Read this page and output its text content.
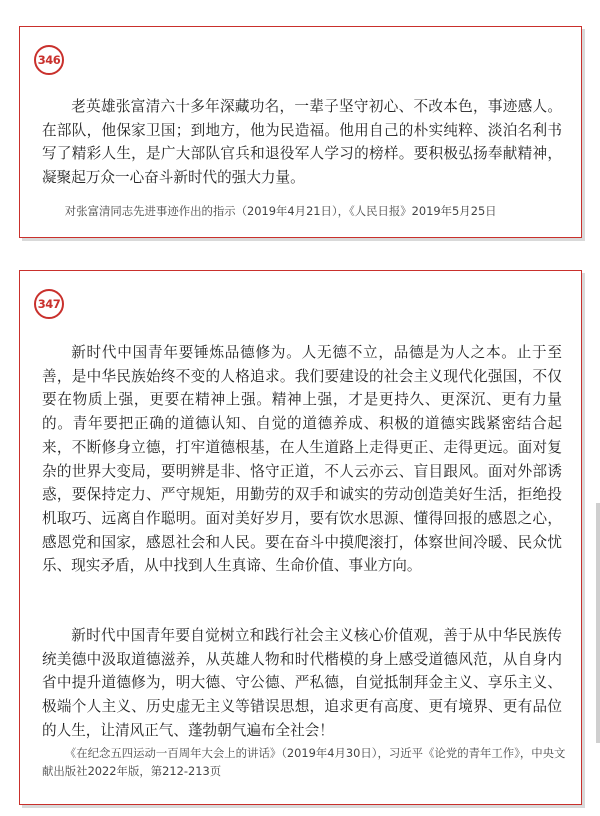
346

老英雄张富清六十多年深藏功名，一辈子坚守初心、不改本色，事迹感人。在部队，他保家卫国；到地方，他为民造福。他用自己的朴实纯粹、淡泊名利书写了精彩人生，是广大部队官兵和退役军人学习的榜样。要积极弘扬奉献精神，凝聚起万众一心奋斗新时代的强大力量。

对张富清同志先进事迹作出的指示（2019年4月21日），《人民日报》2019年5月25日

347

新时代中国青年要锤炼品德修为。人无德不立，品德是为人之本。止于至善，是中华民族始终不变的人格追求。我们要建设的社会主义现代化强国，不仅要在物质上强，更要在精神上强。精神上强，才是更持久、更深沉、更有力量的。青年要把正确的道德认知、自觉的道德养成、积极的道德实践紧密结合起来，不断修身立德，打牢道德根基，在人生道路上走得更正、走得更远。面对复杂的世界大变局，要明辨是非、恪守正道，不人云亦云、盲目跟风。面对外部诱惑，要保持定力、严守规矩，用勤劳的双手和诚实的劳动创造美好生活，拒绝投机取巧、远离自作聪明。面对美好岁月，要有饮水思源、懂得回报的感恩之心，感恩党和国家，感恩社会和人民。要在奋斗中摸爬滚打，体察世间冷暖、民众忧乐、现实矛盾，从中找到人生真谛、生命价值、事业方向。

新时代中国青年要自觉树立和践行社会主义核心价值观，善于从中华民族传统美德中汲取道德滋养，从英雄人物和时代楷模的身上感受道德风范，从自身内省中提升道德修为，明大德、守公德、严私德，自觉抵制拜金主义、享乐主义、极端个人主义、历史虚无主义等错误思想，追求更有高度、更有境界、更有品位的人生，让清风正气、蓬勃朝气遍布全社会！

《在纪念五四运动一百周年大会上的讲话》（2019年4月30日），习近平《论党的青年工作》，中央文献出版社2022年版，第212-213页
